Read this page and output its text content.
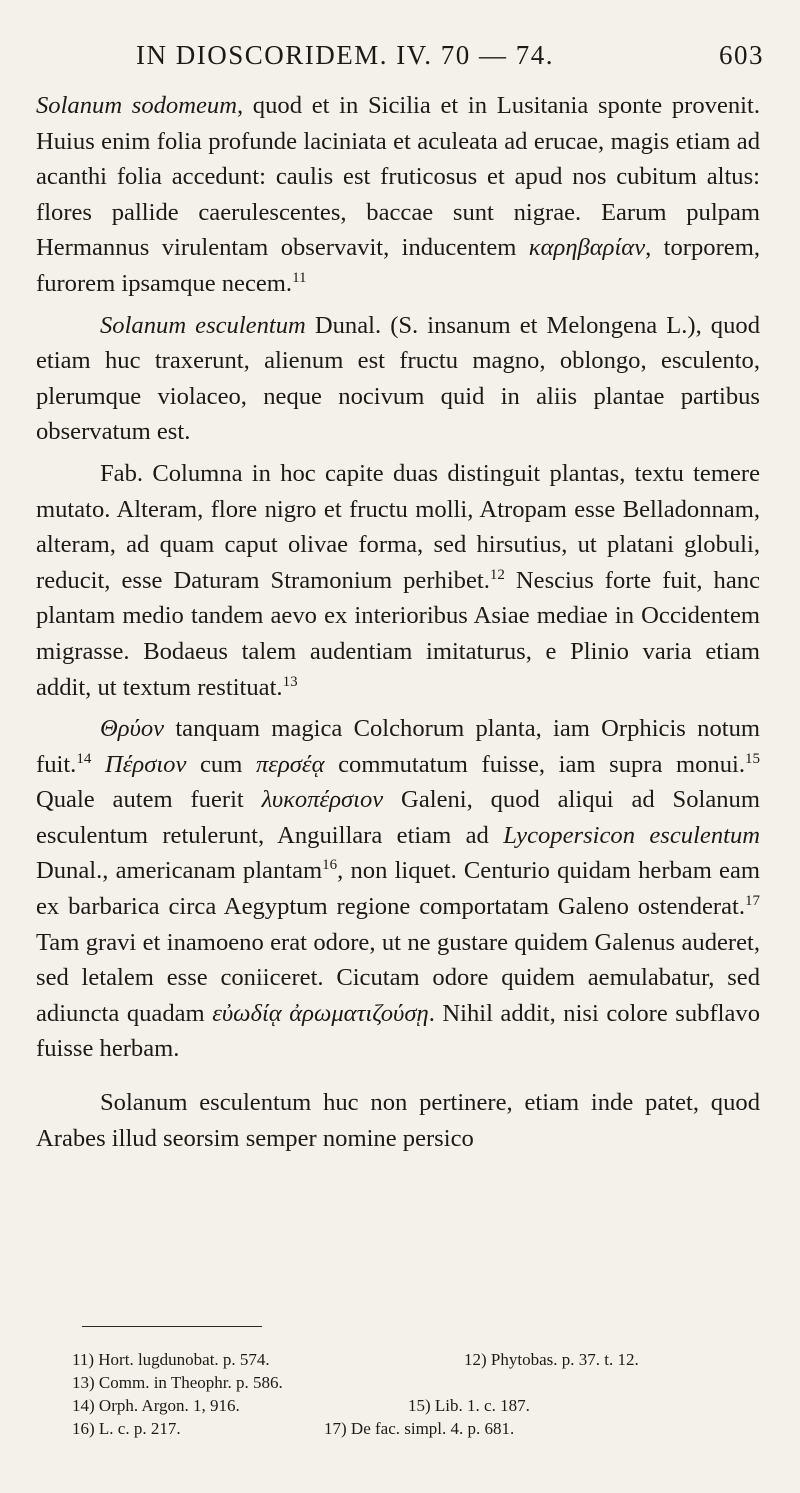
IN DIOSCORIDEM. IV. 70 — 74.	603

Solanum sodomeum, quod et in Sicilia et in Lusitania sponte provenit. Huius enim folia profunde laciniata et aculeata ad erucae, magis etiam ad acanthi folia accedunt: caulis est fruticosus et apud nos cubitum altus: flores pallide caerulescentes, baccae sunt nigrae. Earum pulpam Hermannus virulentam observavit, inducentem καρηβαρίαν, torporem, furorem ipsamque necem.$^{11}$

Solanum esculentum Dunal. (S. insanum et Melongena L.), quod etiam huc traxerunt, alienum est fructu magno, oblongo, esculento, plerumque violaceo, neque nocivum quid in aliis plantae partibus observatum est.

Fab. Columna in hoc capite duas distinguit plantas, textu temere mutato. Alteram, flore nigro et fructu molli, Atropam esse Belladonnam, alteram, ad quam caput olivae forma, sed hirsutius, ut platani globuli, reducit, esse Daturam Stramonium perhibet.$^{12}$ Nescius forte fuit, hanc plantam medio tandem aevo ex interioribus Asiae mediae in Occidentem migrasse. Bodaeus talem audentiam imitaturus, e Plinio varia etiam addit, ut textum restituat.$^{13}$

Θρύον tanquam magica Colchorum planta, iam Orphicis notum fuit.$^{14}$ Πέρσιον cum περσέᾳ commutatum fuisse, iam supra monui.$^{15}$ Quale autem fuerit λυκοπέρσιον Galeni, quod aliqui ad Solanum esculentum retulerunt, Anguillara etiam ad Lycopersicon esculentum Dunal., americanam plantam$^{16}$, non liquet. Centurio quidam herbam eam ex barbarica circa Aegyptum regione comportatam Galeno ostenderat.$^{17}$ Tam gravi et inamoeno erat odore, ut ne gustare quidem Galenus auderet, sed letalem esse coniiceret. Cicutam odore quidem aemulabatur, sed adiuncta quadam εὐωδίᾳ ἀρωματιζούσῃ. Nihil addit, nisi colore subflavo fuisse herbam.

Solanum esculentum huc non pertinere, etiam inde patet, quod Arabes illud seorsim semper nomine persico

11) Hort. lugdunobat. p. 574.	12) Phytobas. p. 37. t. 12.
13) Comm. in Theophr. p. 586.
14) Orph. Argon. 1, 916.	15) Lib. 1. c. 187.
16) L. c. p. 217.	17) De fac. simpl. 4. p. 681.
